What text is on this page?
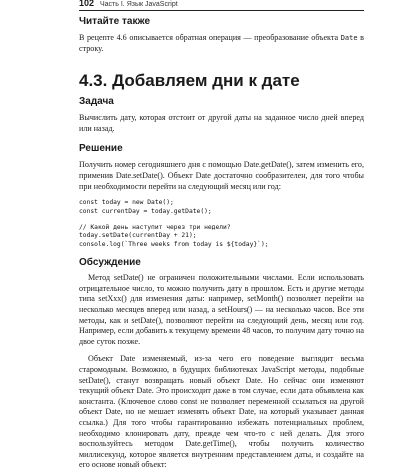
102 Часть I. Язык JavaScript
Читайте также

В рецепте 4.6 описывается обратная операция — преобразование объекта Date в строку.

4.3. Добавляем дни к дате
Задача

Вычислить дату, которая отстоит от другой даты на заданное число дней вперед или назад.

Решение

Получить номер сегодняшнего дня с помощью Date.getDate(), затем изменить его, применив Date.setDate(). Объект Date достаточно сообразителен, для того чтобы при необходимости перейти на следующий месяц или год:

const today = new Date();
const currentDay = today.getDate();
// Какой день наступит через три недели?
today.setDate(currentDay + 21);
console.log(`Three weeks from today is ${today}`);
Обсуждение

Метод setDate() не ограничен положительными числами. Если использовать отрицательное число, то можно получить дату в прошлом. Есть и другие методы типа setXxx() для изменения даты: например, setMonth() позволяет перейти на несколько месяцев вперед или назад, a setHours() — на несколько часов. Все эти методы, как и setDate(), позволяют перейти на следующий день, месяц или год. Например, если добавить к текущему времени 48 часов, то получим дату точно на двое суток позже.

Объект Date изменяемый, из-за чего его поведение выглядит весьма старомодным. Возможно, в будущих библиотеках JavaScript методы, подобные setDate(), станут возвращать новый объект Date. Но сейчас они изменяют текущий объект Date. Это происходит даже в том случае, если дата объявлена как константа. (Ключевое слово const не позволяет переменной ссылаться на другой объект Date, но не мешает изменять объект Date, на который указывает данная ссылка.) Для того чтобы гарантированно избежать потенциальных проблем, необходимо клонировать дату, прежде чем что-то с ней делать. Для этого воспользуйтесь методом Date.getTime(), чтобы получить количество миллисекунд, которое является внутренним представлением даты, и создайте на его основе новый объект:
